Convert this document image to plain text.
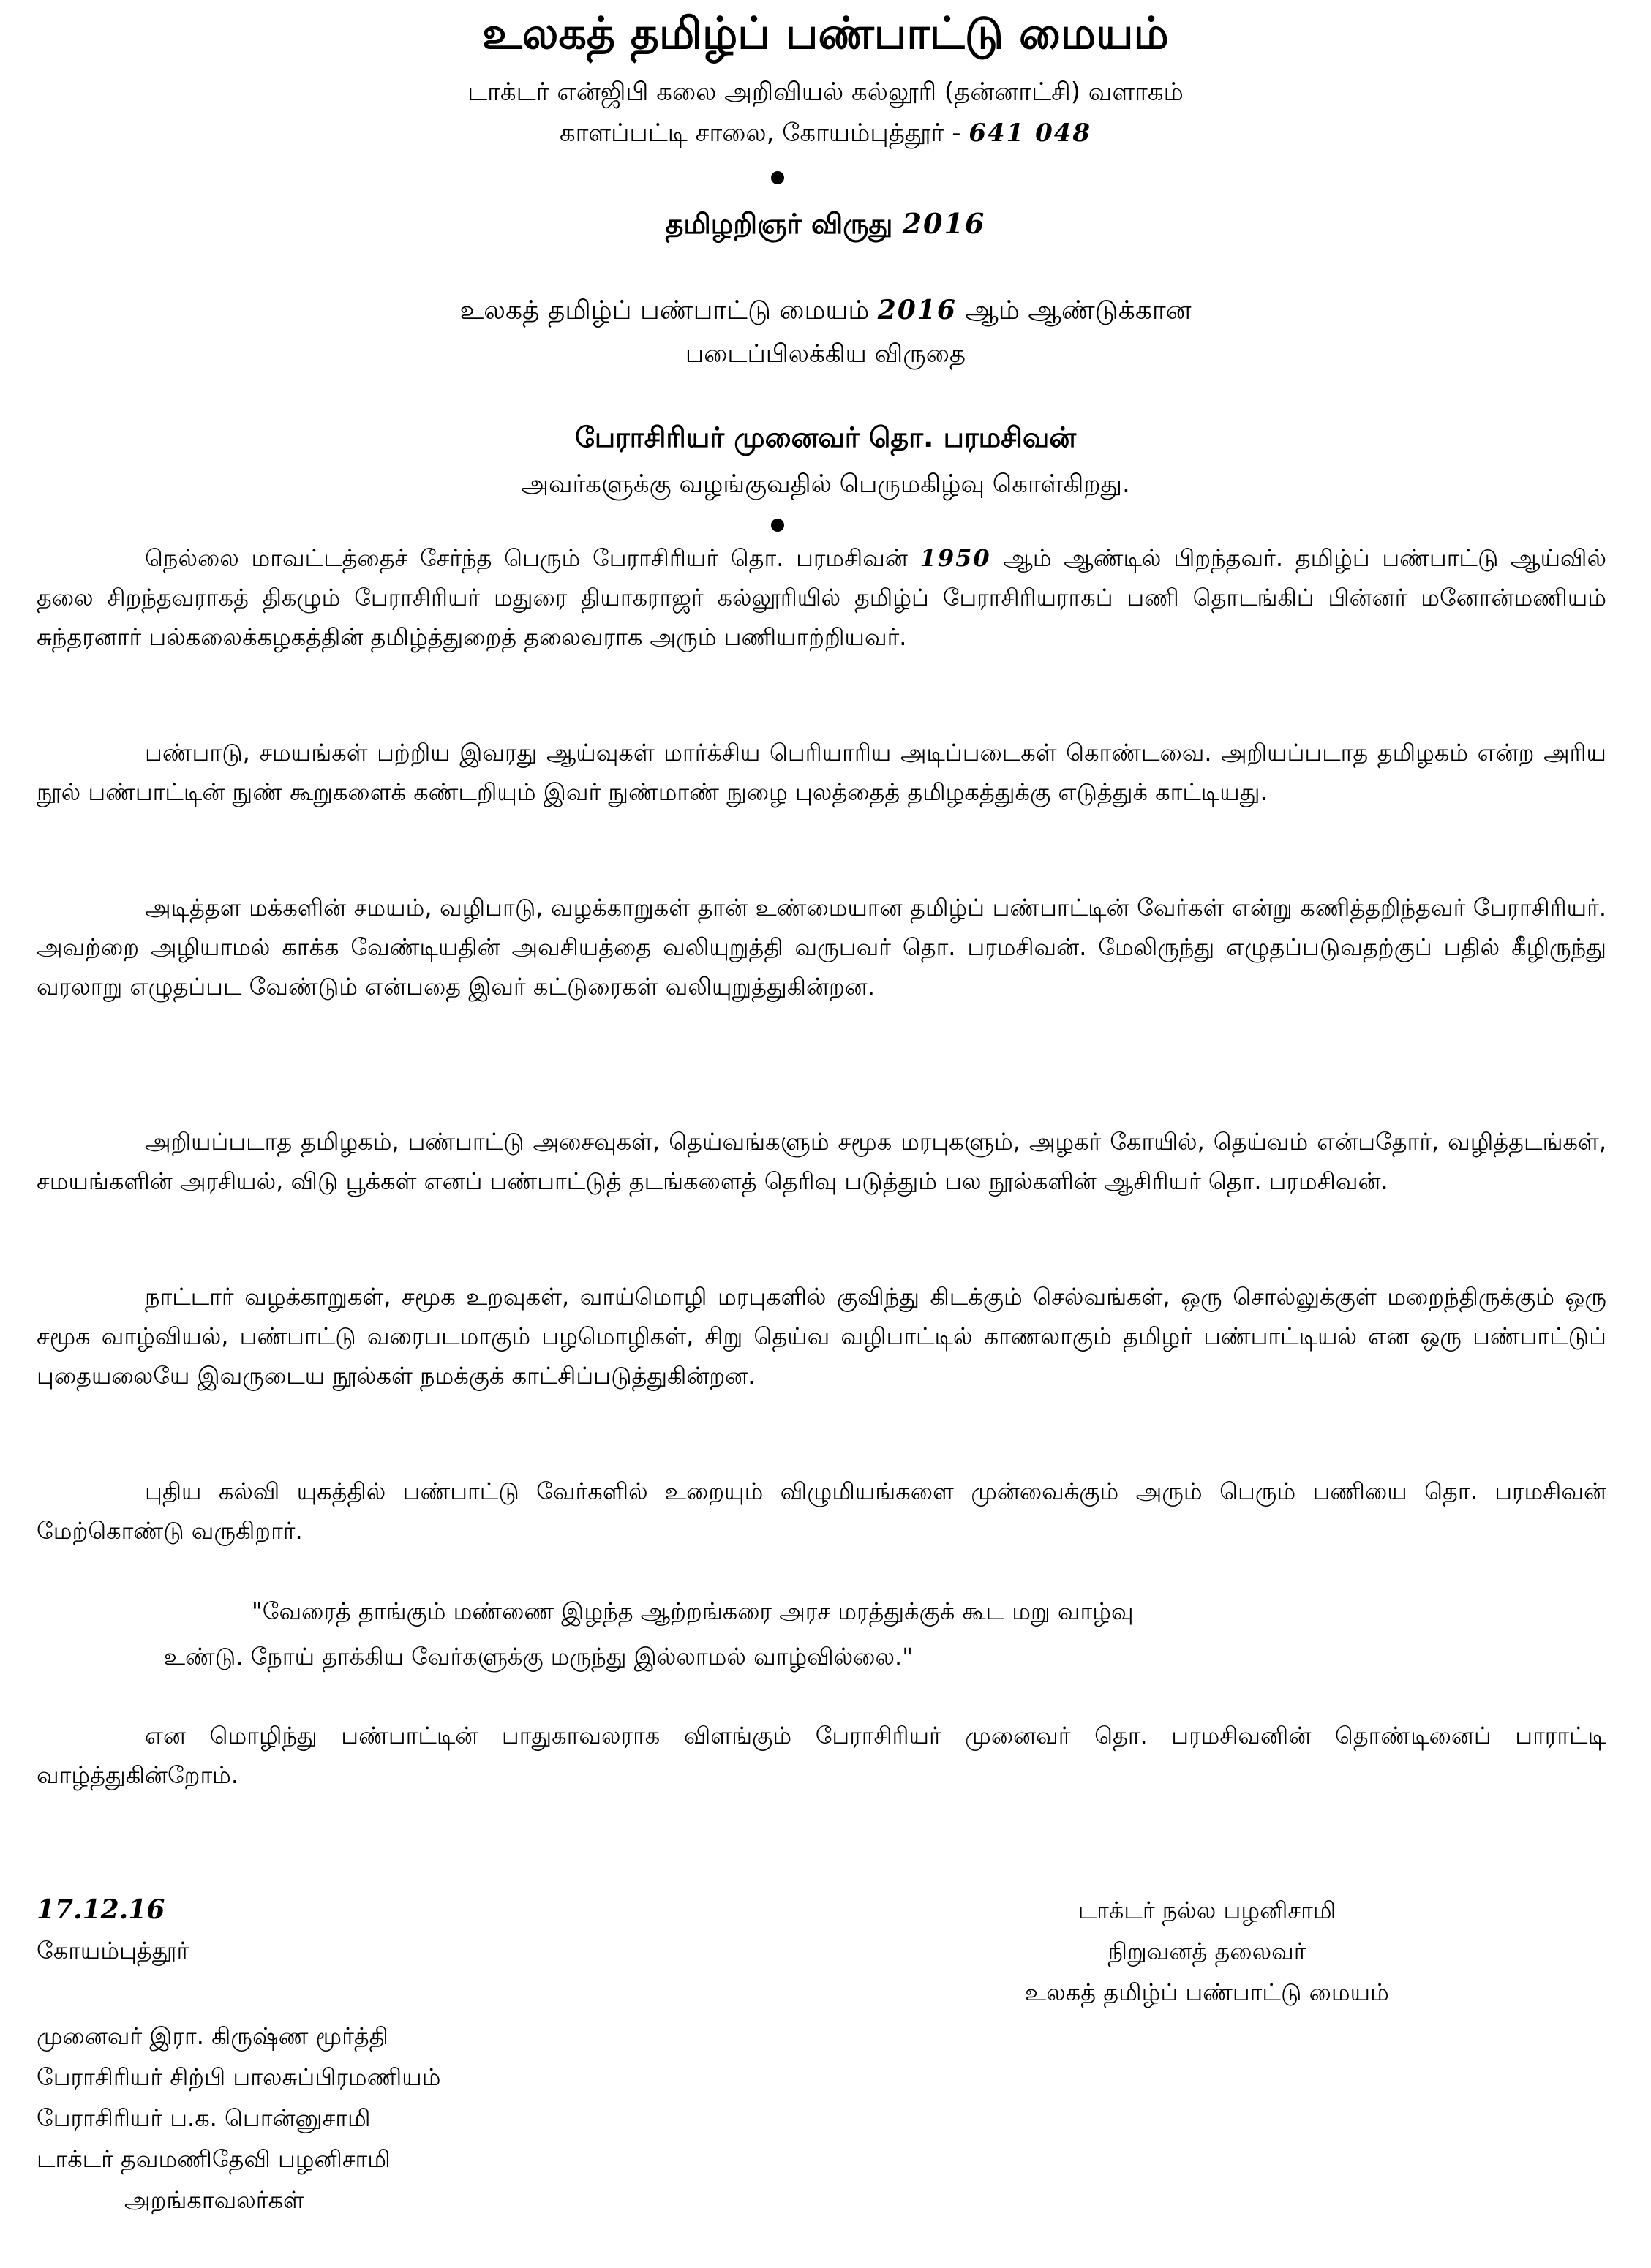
உலகத் தமிழ்ப் பண்பாட்டு மையம்
டாக்டர் என்ஜிபி கலை அறிவியல் கல்லூரி (தன்னாட்சி) வளாகம்
காளப்பட்டி சாலை, கோயம்புத்தூர் - 641 048
தமிழறிஞர் விருது 2016
உலகத் தமிழ்ப் பண்பாட்டு மையம் 2016 ஆம் ஆண்டுக்கான
படைப்பிலக்கிய விருதை
பேராசிரியர் முனைவர் தொ. பரமசிவன்
அவர்களுக்கு வழங்குவதில் பெருமகிழ்வு கொள்கிறது.

நெல்லை மாவட்டத்தைச் சேர்ந்த பெரும் பேராசிரியர் தொ. பரமசிவன் 1950 ஆம் ஆண்டில் பிறந்தவர். தமிழ்ப் பண்பாட்டு ஆய்வில் தலை சிறந்தவராகத் திகழும் பேராசிரியர் மதுரை தியாகராஜர் கல்லூரியில் தமிழ்ப் பேராசிரியராகப் பணி தொடங்கிப் பின்னர் மனோன்மணியம் சுந்தரனார் பல்கலைக்கழகத்தின் தமிழ்த்துறைத் தலைவராக அரும் பணியாற்றியவர்.

பண்பாடு, சமயங்கள் பற்றிய இவரது ஆய்வுகள் மார்க்சிய பெரியாரிய அடிப்படைகள் கொண்டவை. அறியப்படாத தமிழகம் என்ற அரிய நூல் பண்பாட்டின் நுண் கூறுகளைக் கண்டறியும் இவர் நுண்மாண் நுழை புலத்தைத் தமிழகத்துக்கு எடுத்துக் காட்டியது.

அடித்தள மக்களின் சமயம், வழிபாடு, வழக்காறுகள் தான் உண்மையான தமிழ்ப் பண்பாட்டின் வேர்கள் என்று கணித்தறிந்தவர் பேராசிரியர். அவற்றை அழியாமல் காக்க வேண்டியதின் அவசியத்தை வலியுறுத்தி வருபவர் தொ. பரமசிவன். மேலிருந்து எழுதப்படுவதற்குப் பதில் கீழிருந்து வரலாறு எழுதப்பட வேண்டும் என்பதை இவர் கட்டுரைகள் வலியுறுத்துகின்றன.

அறியப்படாத தமிழகம், பண்பாட்டு அசைவுகள், தெய்வங்களும் சமூக மரபுகளும், அழகர் கோயில், தெய்வம் என்பதோர், வழித்தடங்கள், சமயங்களின் அரசியல், விடு பூக்கள் எனப் பண்பாட்டுத் தடங்களைத் தெரிவு படுத்தும் பல நூல்களின் ஆசிரியர் தொ. பரமசிவன்.

நாட்டார் வழக்காறுகள், சமூக உறவுகள், வாய்மொழி மரபுகளில் குவிந்து கிடக்கும் செல்வங்கள், ஒரு சொல்லுக்குள் மறைந்திருக்கும் ஒரு சமூக வாழ்வியல், பண்பாட்டு வரைபடமாகும் பழமொழிகள், சிறு தெய்வ வழிபாட்டில் காணலாகும் தமிழர் பண்பாட்டியல் என ஒரு பண்பாட்டுப் புதையலையே இவருடைய நூல்கள் நமக்குக் காட்சிப்படுத்துகின்றன.

புதிய கல்வி யுகத்தில் பண்பாட்டு வேர்களில் உறையும் விழுமியங்களை முன்வைக்கும் அரும் பெரும் பணியை தொ. பரமசிவன் மேற்கொண்டு வருகிறார்.

"வேரைத் தாங்கும் மண்ணை இழந்த ஆற்றங்கரை அரச மரத்துக்குக் கூட மறு வாழ்வு

உண்டு. நோய் தாக்கிய வேர்களுக்கு மருந்து இல்லாமல் வாழ்வில்லை."

என மொழிந்து பண்பாட்டின் பாதுகாவலராக விளங்கும் பேராசிரியர் முனைவர் தொ. பரமசிவனின் தொண்டினைப் பாராட்டி வாழ்த்துகின்றோம்.

17.12.16
கோயம்புத்தூர்
டாக்டர் நல்ல பழனிசாமி
நிறுவனத் தலைவர்
உலகத் தமிழ்ப் பண்பாட்டு மையம்
முனைவர் இரா. கிருஷ்ண மூர்த்தி
பேராசிரியர் சிற்பி பாலசுப்பிரமணியம்
பேராசிரியர் ப.க. பொன்னுசாமி
டாக்டர் தவமணிதேவி பழனிசாமி
அறங்காவலர்கள்
